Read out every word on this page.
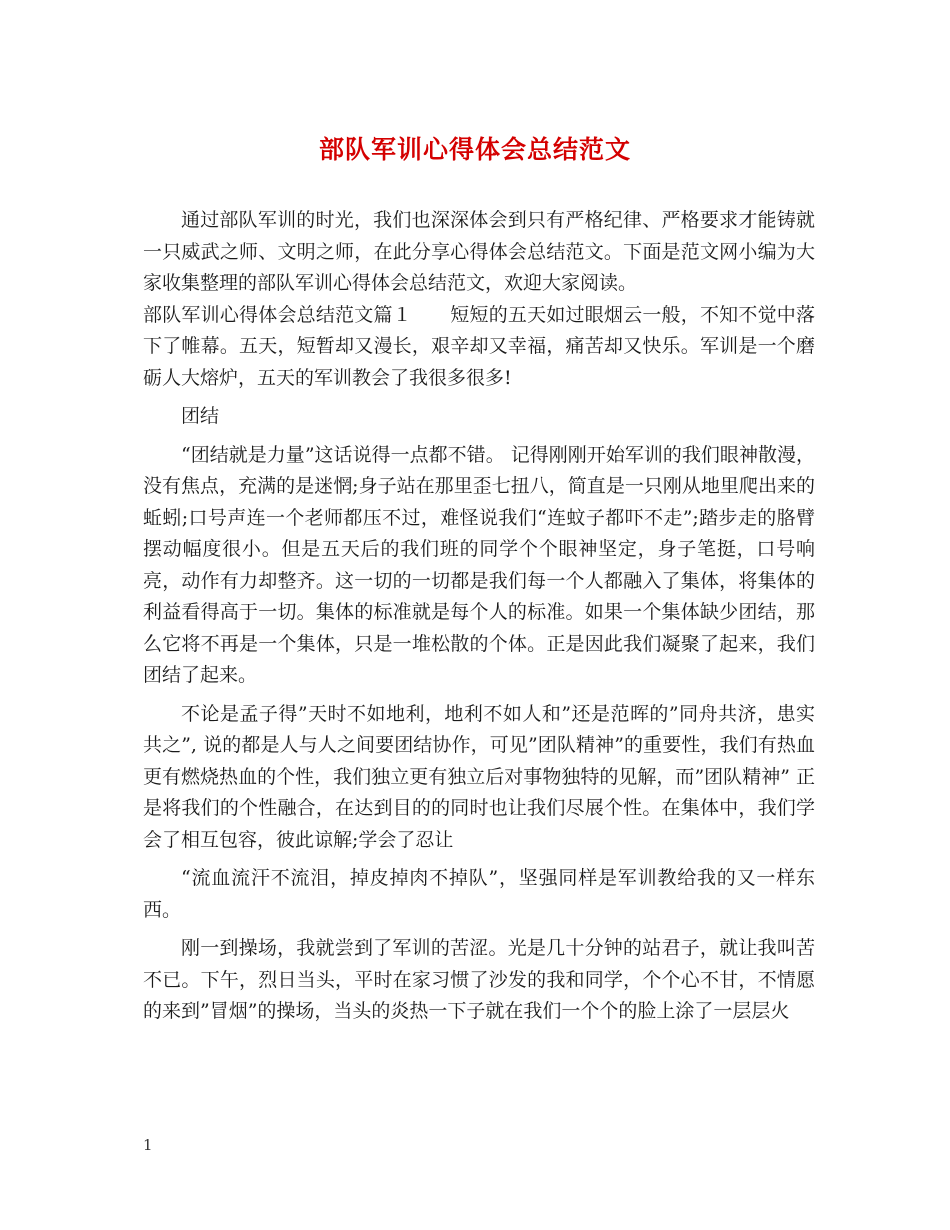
部队军训心得体会总结范文

通过部队军训的时光，我们也深深体会到只有严格纪律、严格要求才能铸就一只威武之师、文明之师，在此分享心得体会总结范文。下面是范文网小编为大家收集整理的部队军训心得体会总结范文，欢迎大家阅读。

部队军训心得体会总结范文篇１　　短短的五天如过眼烟云一般，不知不觉中落下了帷幕。五天，短暂却又漫长，艰辛却又幸福，痛苦却又快乐。军训是一个磨砺人大熔炉，五天的军训教会了我很多很多!

团结

“团结就是力量”这话说得一点都不错。 记得刚刚开始军训的我们眼神散漫，没有焦点，充满的是迷惘;身子站在那里歪七扭八，简直是一只刚从地里爬出来的蚯蚓;口号声连一个老师都压不过，难怪说我们“连蚊子都吓不走”;踏步走的胳臂摆动幅度很小。但是五天后的我们班的同学个个眼神坚定，身子笔挺，口号响亮，动作有力却整齐。这一切的一切都是我们每一个人都融入了集体，将集体的利益看得高于一切。集体的标准就是每个人的标准。如果一个集体缺少团结，那么它将不再是一个集体，只是一堆松散的个体。正是因此我们凝聚了起来，我们团结了起来。

不论是孟子得”天时不如地利，地利不如人和”还是范晖的”同舟共济，患实共之”, 说的都是人与人之间要团结协作，可见”团队精神”的重要性，我们有热血更有燃烧热血的个性，我们独立更有独立后对事物独特的见解，而”团队精神” 正是将我们的个性融合，在达到目的的同时也让我们尽展个性。在集体中，我们学会了相互包容，彼此谅解;学会了忍让

“流血流汗不流泪，掉皮掉肉不掉队”，坚强同样是军训教给我的又一样东西。

刚一到操场，我就尝到了军训的苦涩。光是几十分钟的站君子，就让我叫苦不已。下午，烈日当头，平时在家习惯了沙发的我和同学，个个心不甘，不情愿的来到”冒烟”的操场，当头的炎热一下子就在我们一个个的脸上涂了一层层火

1
